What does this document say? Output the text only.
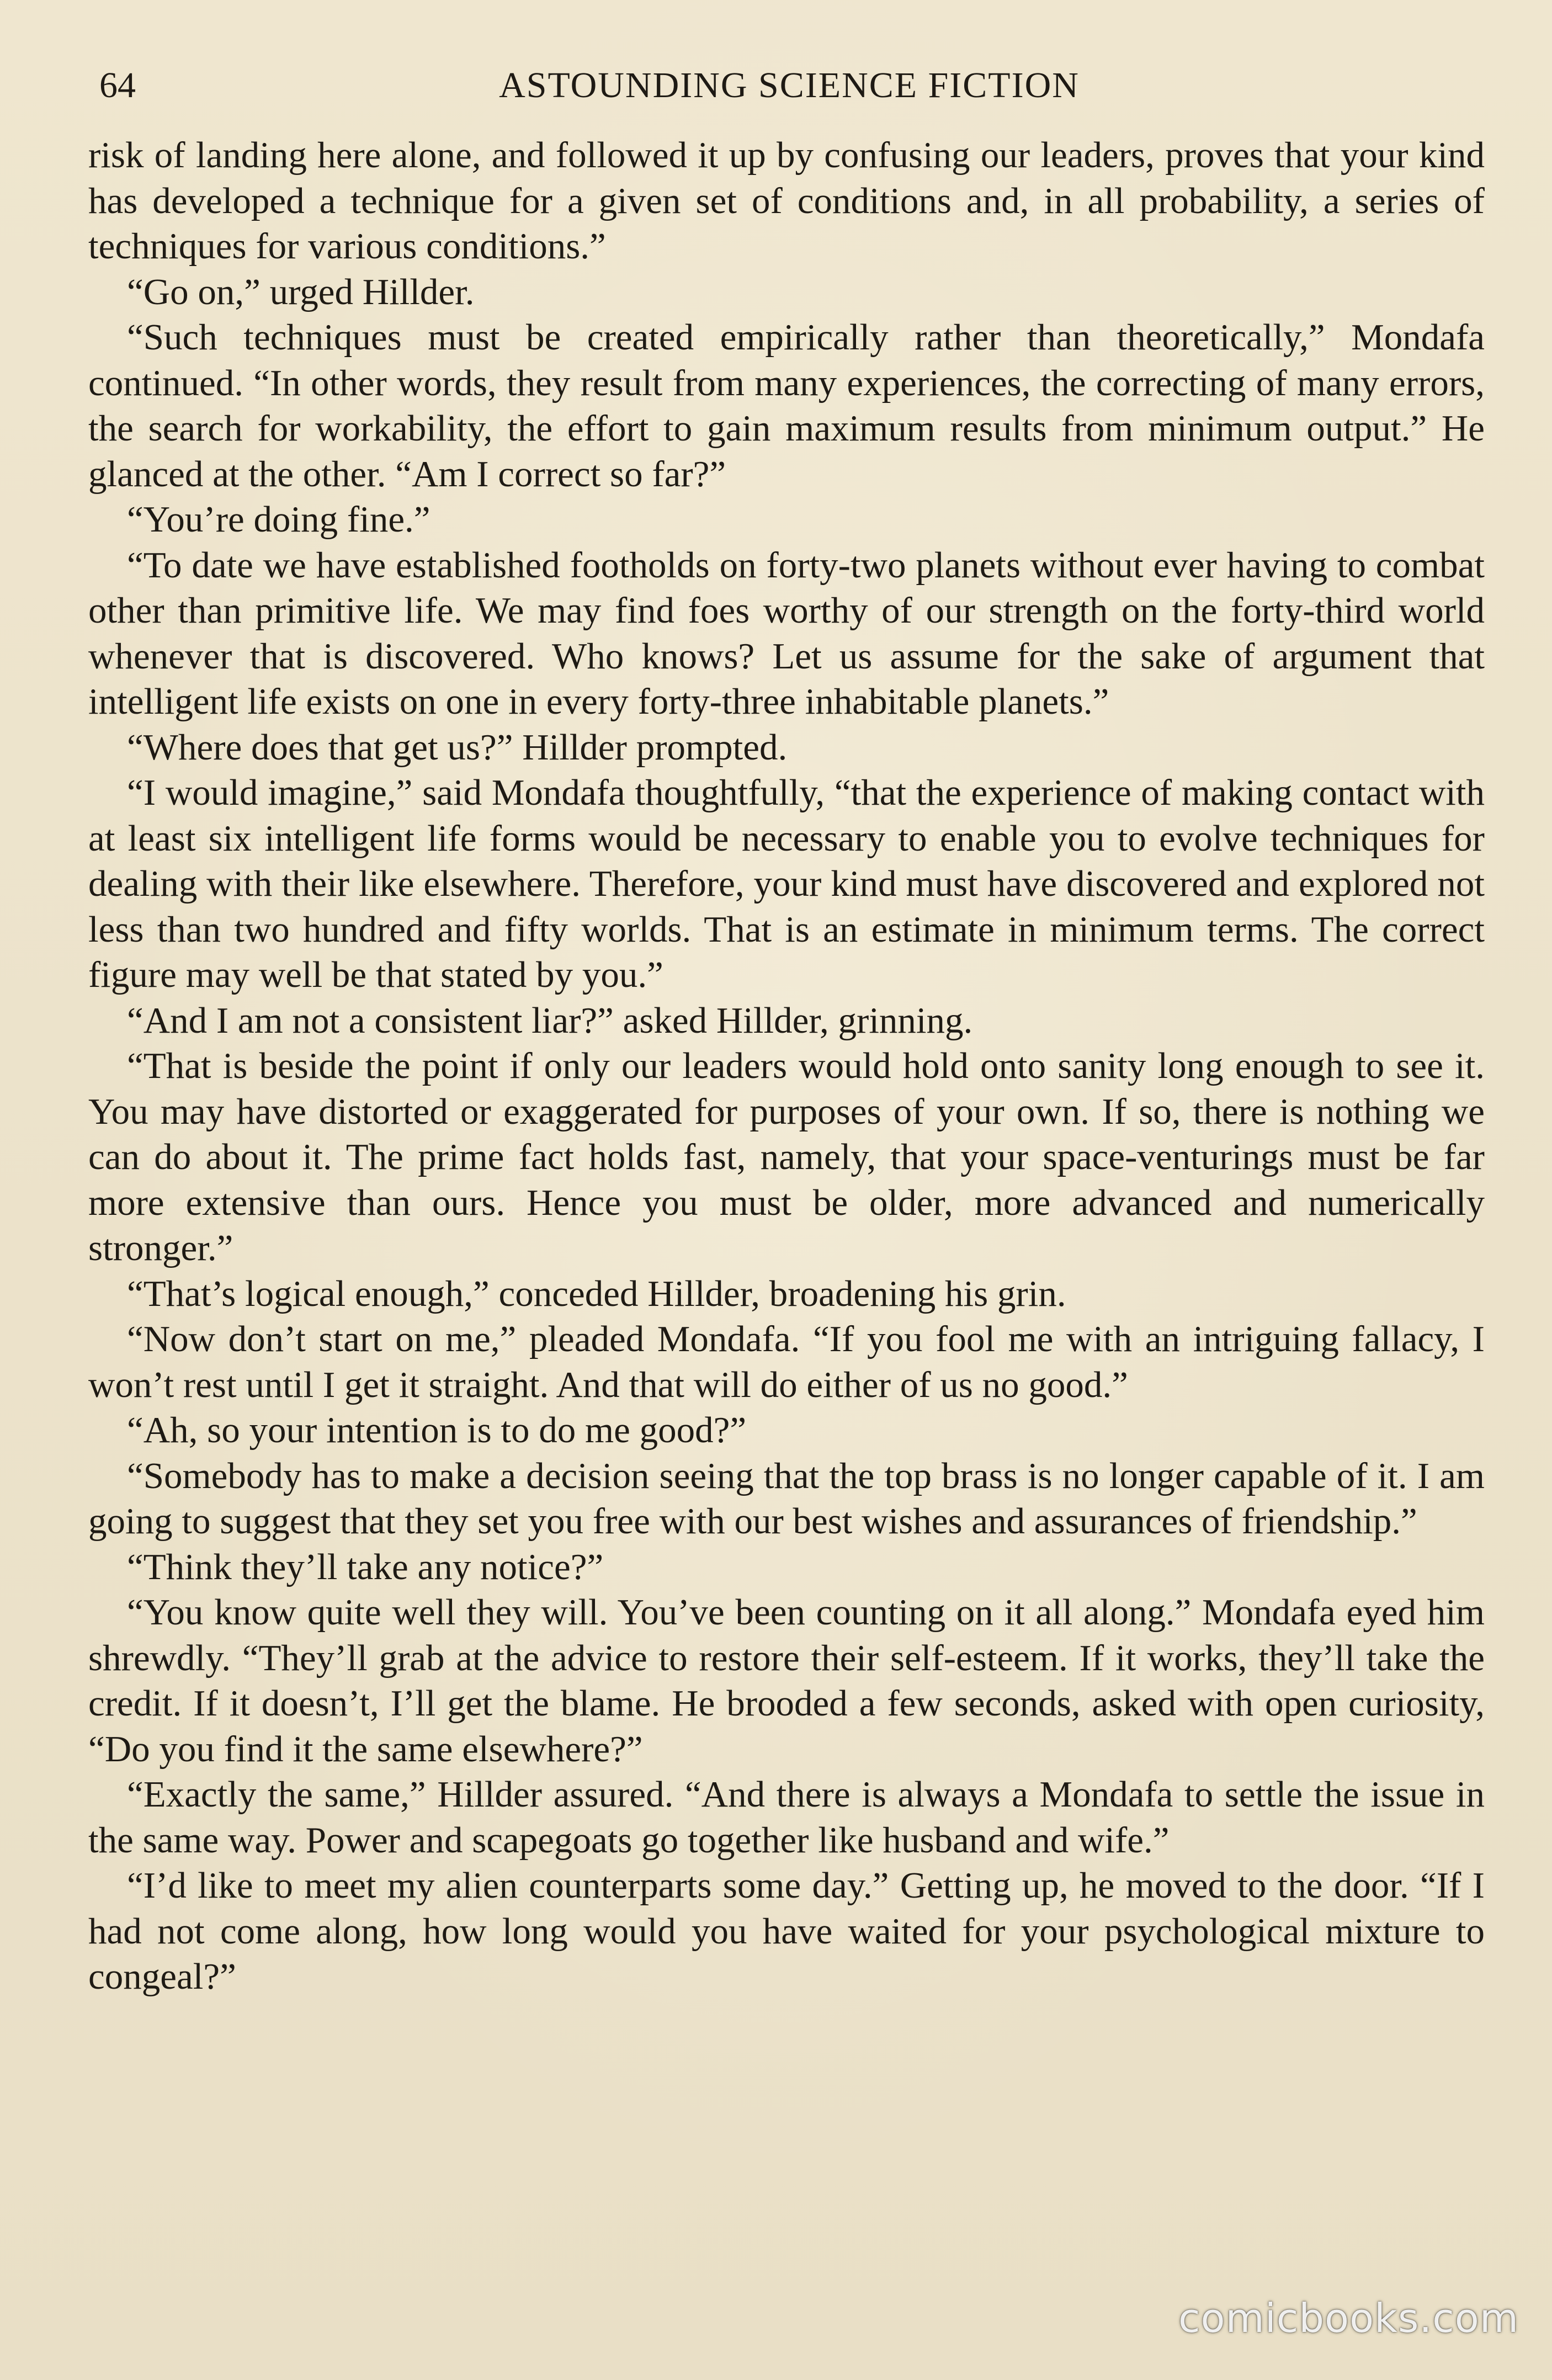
64	ASTOUNDING SCIENCE FICTION

risk of landing here alone, and followed it up by confusing our leaders, proves that your kind has developed a technique for a given set of conditions and, in all probability, a series of techniques for various conditions.”

“Go on,” urged Hillder.

“Such techniques must be created empirically rather than theoretically,” Mondafa continued. “In other words, they result from many experiences, the correcting of many errors, the search for workability, the effort to gain maximum results from minimum output.” He glanced at the other. “Am I correct so far?”

“You’re doing fine.”

“To date we have established footholds on forty-two planets without ever having to combat other than primitive life. We may find foes worthy of our strength on the forty-third world whenever that is discovered. Who knows? Let us assume for the sake of argument that intelligent life exists on one in every forty-three inhabitable planets.”

“Where does that get us?” Hillder prompted.

“I would imagine,” said Mondafa thoughtfully, “that the experience of making contact with at least six intelligent life forms would be necessary to enable you to evolve techniques for dealing with their like elsewhere. Therefore, your kind must have discovered and explored not less than two hundred and fifty worlds. That is an estimate in minimum terms. The correct figure may well be that stated by you.”

“And I am not a consistent liar?” asked Hillder, grinning.

“That is beside the point if only our leaders would hold onto sanity long enough to see it. You may have distorted or exaggerated for purposes of your own. If so, there is nothing we can do about it. The prime fact holds fast, namely, that your space-venturings must be far more extensive than ours. Hence you must be older, more advanced and numerically stronger.”

“That’s logical enough,” conceded Hillder, broadening his grin.

“Now don’t start on me,” pleaded Mondafa. “If you fool me with an intriguing fallacy, I won’t rest until I get it straight. And that will do either of us no good.”

“Ah, so your intention is to do me good?”

“Somebody has to make a decision seeing that the top brass is no longer capable of it. I am going to suggest that they set you free with our best wishes and assurances of friendship.”

“Think they’ll take any notice?”

“You know quite well they will. You’ve been counting on it all along.” Mondafa eyed him shrewdly. “They’ll grab at the advice to restore their self-esteem. If it works, they’ll take the credit. If it doesn’t, I’ll get the blame. He brooded a few seconds, asked with open curiosity, “Do you find it the same elsewhere?”

“Exactly the same,” Hillder assured. “And there is always a Mondafa to settle the issue in the same way. Power and scapegoats go together like husband and wife.”

“I’d like to meet my alien counterparts some day.” Getting up, he moved to the door. “If I had not come along, how long would you have waited for your psychological mixture to congeal?”

comicbooks.com
